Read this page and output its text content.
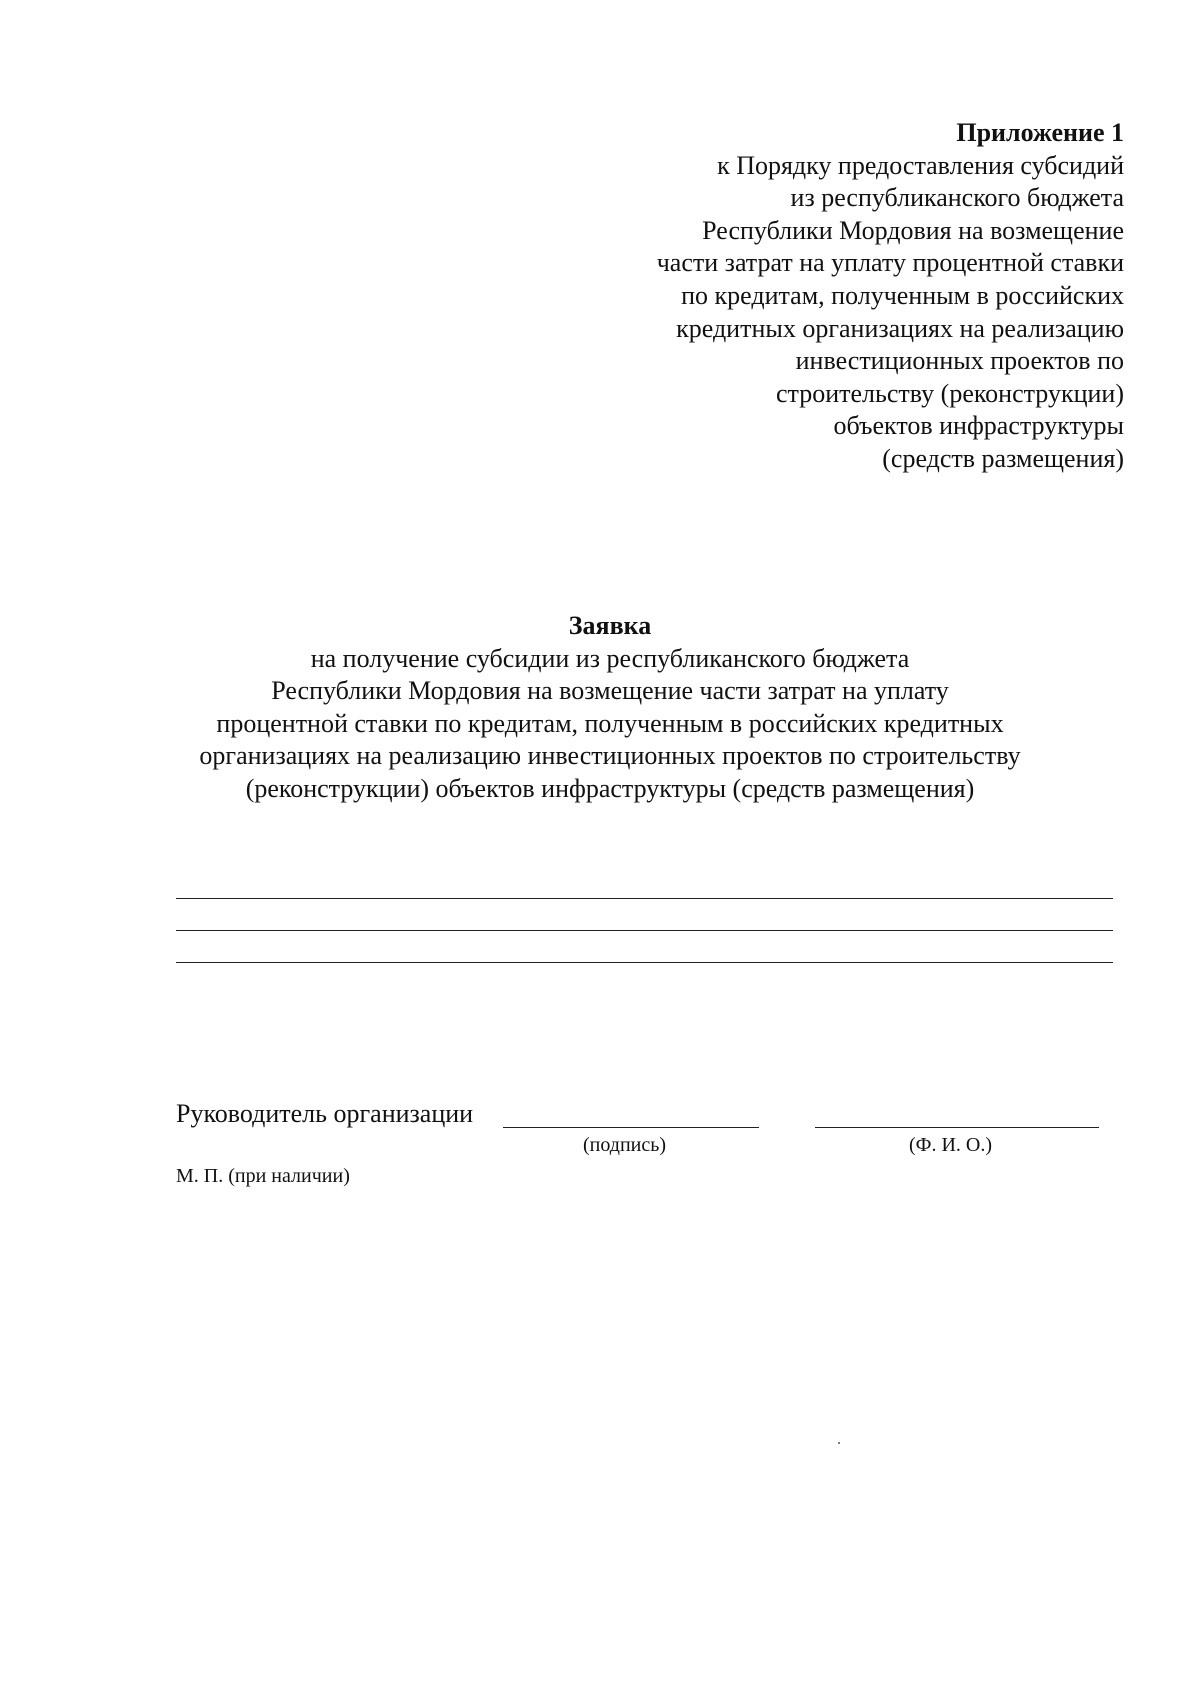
Приложение 1
к Порядку предоставления субсидий
из республиканского бюджета
Республики Мордовия на возмещение
части затрат на уплату процентной ставки
по кредитам, полученным в российских
кредитных организациях на реализацию
инвестиционных проектов по
строительству (реконструкции)
объектов инфраструктуры
(средств размещения)
Заявка
на получение субсидии из республиканского бюджета
Республики Мордовия на возмещение части затрат на уплату
процентной ставки по кредитам, полученным в российских кредитных
организациях на реализацию инвестиционных проектов по строительству
(реконструкции) объектов инфраструктуры (средств размещения)
Руководитель организации
(подпись)	(Ф. И. О.)
М. П. (при наличии)
